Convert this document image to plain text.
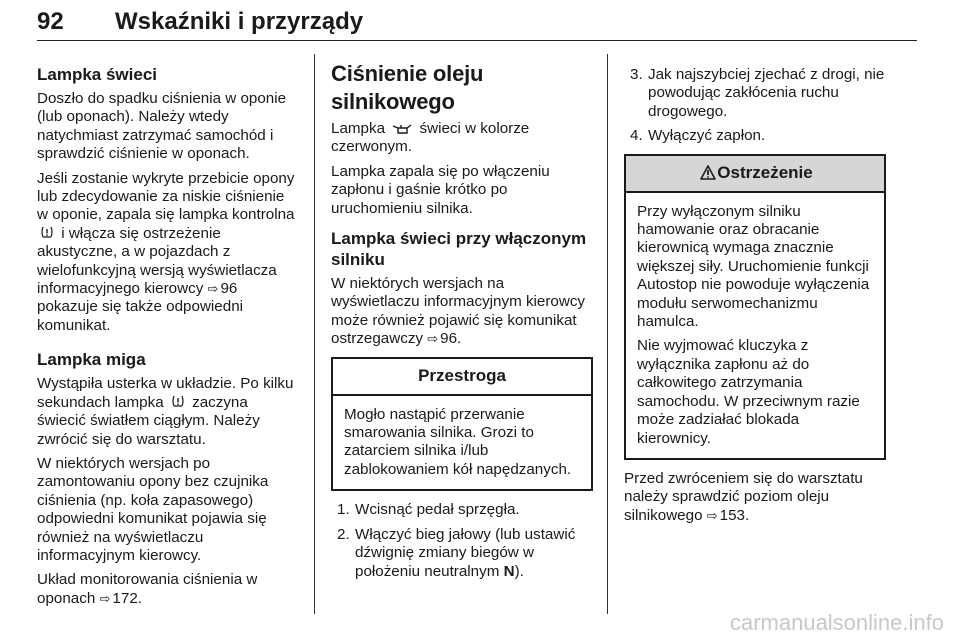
92 Wskaźniki i przyrządy
Lampka świeci

Doszło do spadku ciśnienia w oponie (lub oponach). Należy wtedy natychmiast zatrzymać samochód i sprawdzić ciśnienie w oponach.

Jeśli zostanie wykryte przebicie opony lub zdecydowanie za niskie ciśnienie w oponie, zapala się lampka kontrolna  i włącza się ostrzeżenie akustyczne, a w pojazdach z wielofunkcyjną wersją wyświetlacza informacyjnego kierowcy ⇨ 96 pokazuje się także odpowiedni komunikat.

Lampka miga

Wystąpiła usterka w układzie. Po kilku sekundach lampka zaczyna świecić światłem ciągłym. Należy zwrócić się do warsztatu.

W niektórych wersjach po zamontowaniu opony bez czujnika ciśnienia (np. koła zapasowego) odpowiedni komunikat pojawia się również na wyświetlaczu informacyjnym kierowcy.

Układ monitorowania ciśnienia w oponach ⇨ 172.

Ciśnienie oleju silnikowego

Lampka świeci w kolorze czerwonym.

Lampka zapala się po włączeniu zapłonu i gaśnie krótko po uruchomieniu silnika.

Lampka świeci przy włączonym silniku

W niektórych wersjach na wyświetlaczu informacyjnym kierowcy może również pojawić się komunikat ostrzegawczy ⇨ 96.

Przestroga

Mogło nastąpić przerwanie smarowania silnika. Grozi to zatarciem silnika i/lub zablokowaniem kół napędzanych.

1. Wcisnąć pedał sprzęgła.
2. Włączyć bieg jałowy (lub ustawić dźwignię zmiany biegów w położeniu neutralnym N).
3. Jak najszybciej zjechać z drogi, nie powodując zakłócenia ruchu drogowego.
4. Wyłączyć zapłon.
Ostrzeżenie

Przy wyłączonym silniku hamowanie oraz obracanie kierownicą wymaga znacznie większej siły. Uruchomienie funkcji Autostop nie powoduje wyłączenia modułu serwomechanizmu hamulca.

Nie wyjmować kluczyka z wyłącznika zapłonu aż do całkowitego zatrzymania samochodu. W przeciwnym razie może zadziałać blokada kierownicy.

Przed zwróceniem się do warsztatu należy sprawdzić poziom oleju silnikowego ⇨ 153.

carmanualsonline.info
